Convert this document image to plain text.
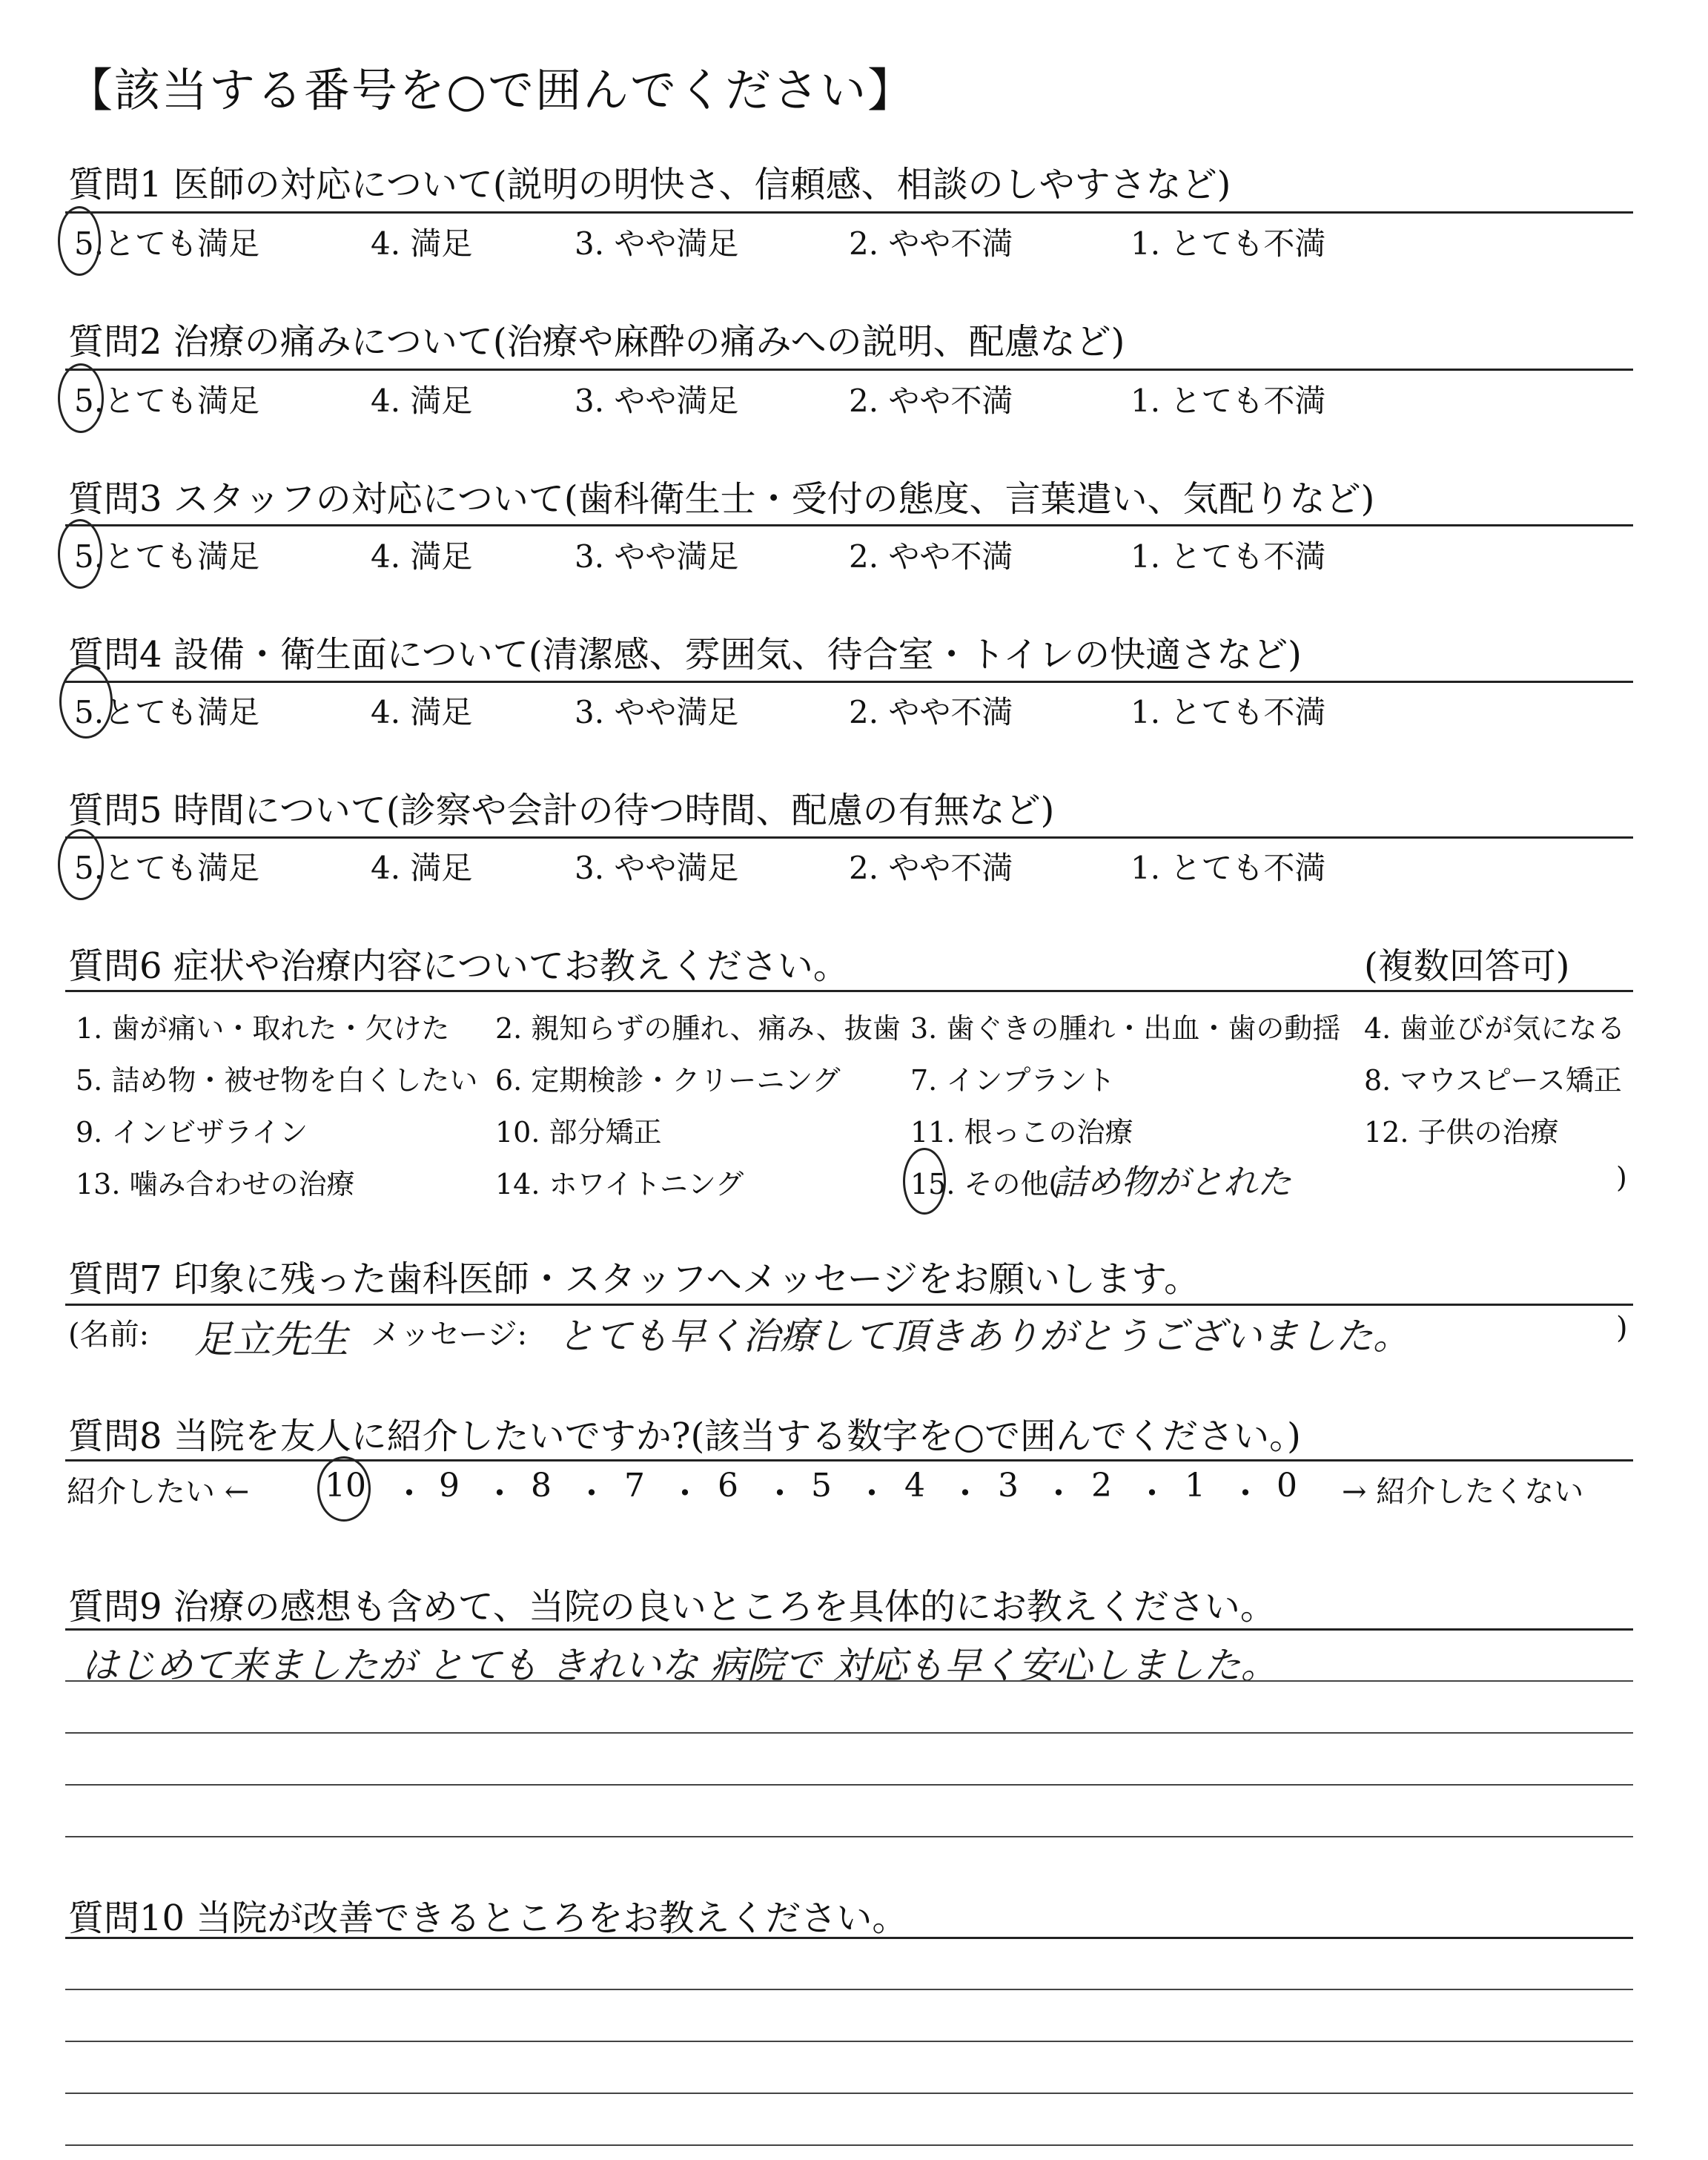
【該当する番号を○で囲んでください】
質問1 医師の対応について(説明の明快さ、信頼感、相談のしやすさなど)
5.とても満足	4. 満足	3. やや満足	2. やや不満	1. とても不満
質問2 治療の痛みについて(治療や麻酔の痛みへの説明、配慮など)
5.とても満足	4. 満足	3. やや満足	2. やや不満	1. とても不満
質問3 スタッフの対応について(歯科衛生士・受付の態度、言葉遣い、気配りなど)
5.とても満足	4. 満足	3. やや満足	2. やや不満	1. とても不満
質問4 設備・衛生面について(清潔感、雰囲気、待合室・トイレの快適さなど)
5.とても満足	4. 満足	3. やや満足	2. やや不満	1. とても不満
質問5 時間について(診察や会計の待つ時間、配慮の有無など)
5.とても満足	4. 満足	3. やや満足	2. やや不満	1. とても不満
質問6 症状や治療内容についてお教えください。	(複数回答可)
1. 歯が痛い・取れた・欠けた 2. 親知らずの腫れ、痛み、抜歯 3. 歯ぐきの腫れ・出血・歯の動揺 4. 歯並びが気になる
5. 詰め物・被せ物を白くしたい 6. 定期検診・クリーニング 7. インプラント	8. マウスピース矯正
9. インビザライン	10. 部分矯正	11. 根っこの治療	12. 子供の治療
13. 噛み合わせの治療	14. ホワイトニング	15. その他(
詰め物がとれた	)
質問7 印象に残った歯科医師・スタッフへメッセージをお願いします。
(名前: 足立先生 メッセージ: とても早く治療して頂きありがとうございました。	)
質問8 当院を友人に紹介したいですか?(該当する数字を○で囲んでください。)
紹介したい ← 10 ・ 9 ・ 8 ・ 7 ・ 6 ・ 5 ・ 4 ・ 3 ・ 2 ・ 1 ・ 0 → 紹介したくない
質問9 治療の感想も含めて、当院の良いところを具体的にお教えください。
はじめて来ましたが とても きれいな 病院で 対応も早く安心しました。
質問10 当院が改善できるところをお教えください。
